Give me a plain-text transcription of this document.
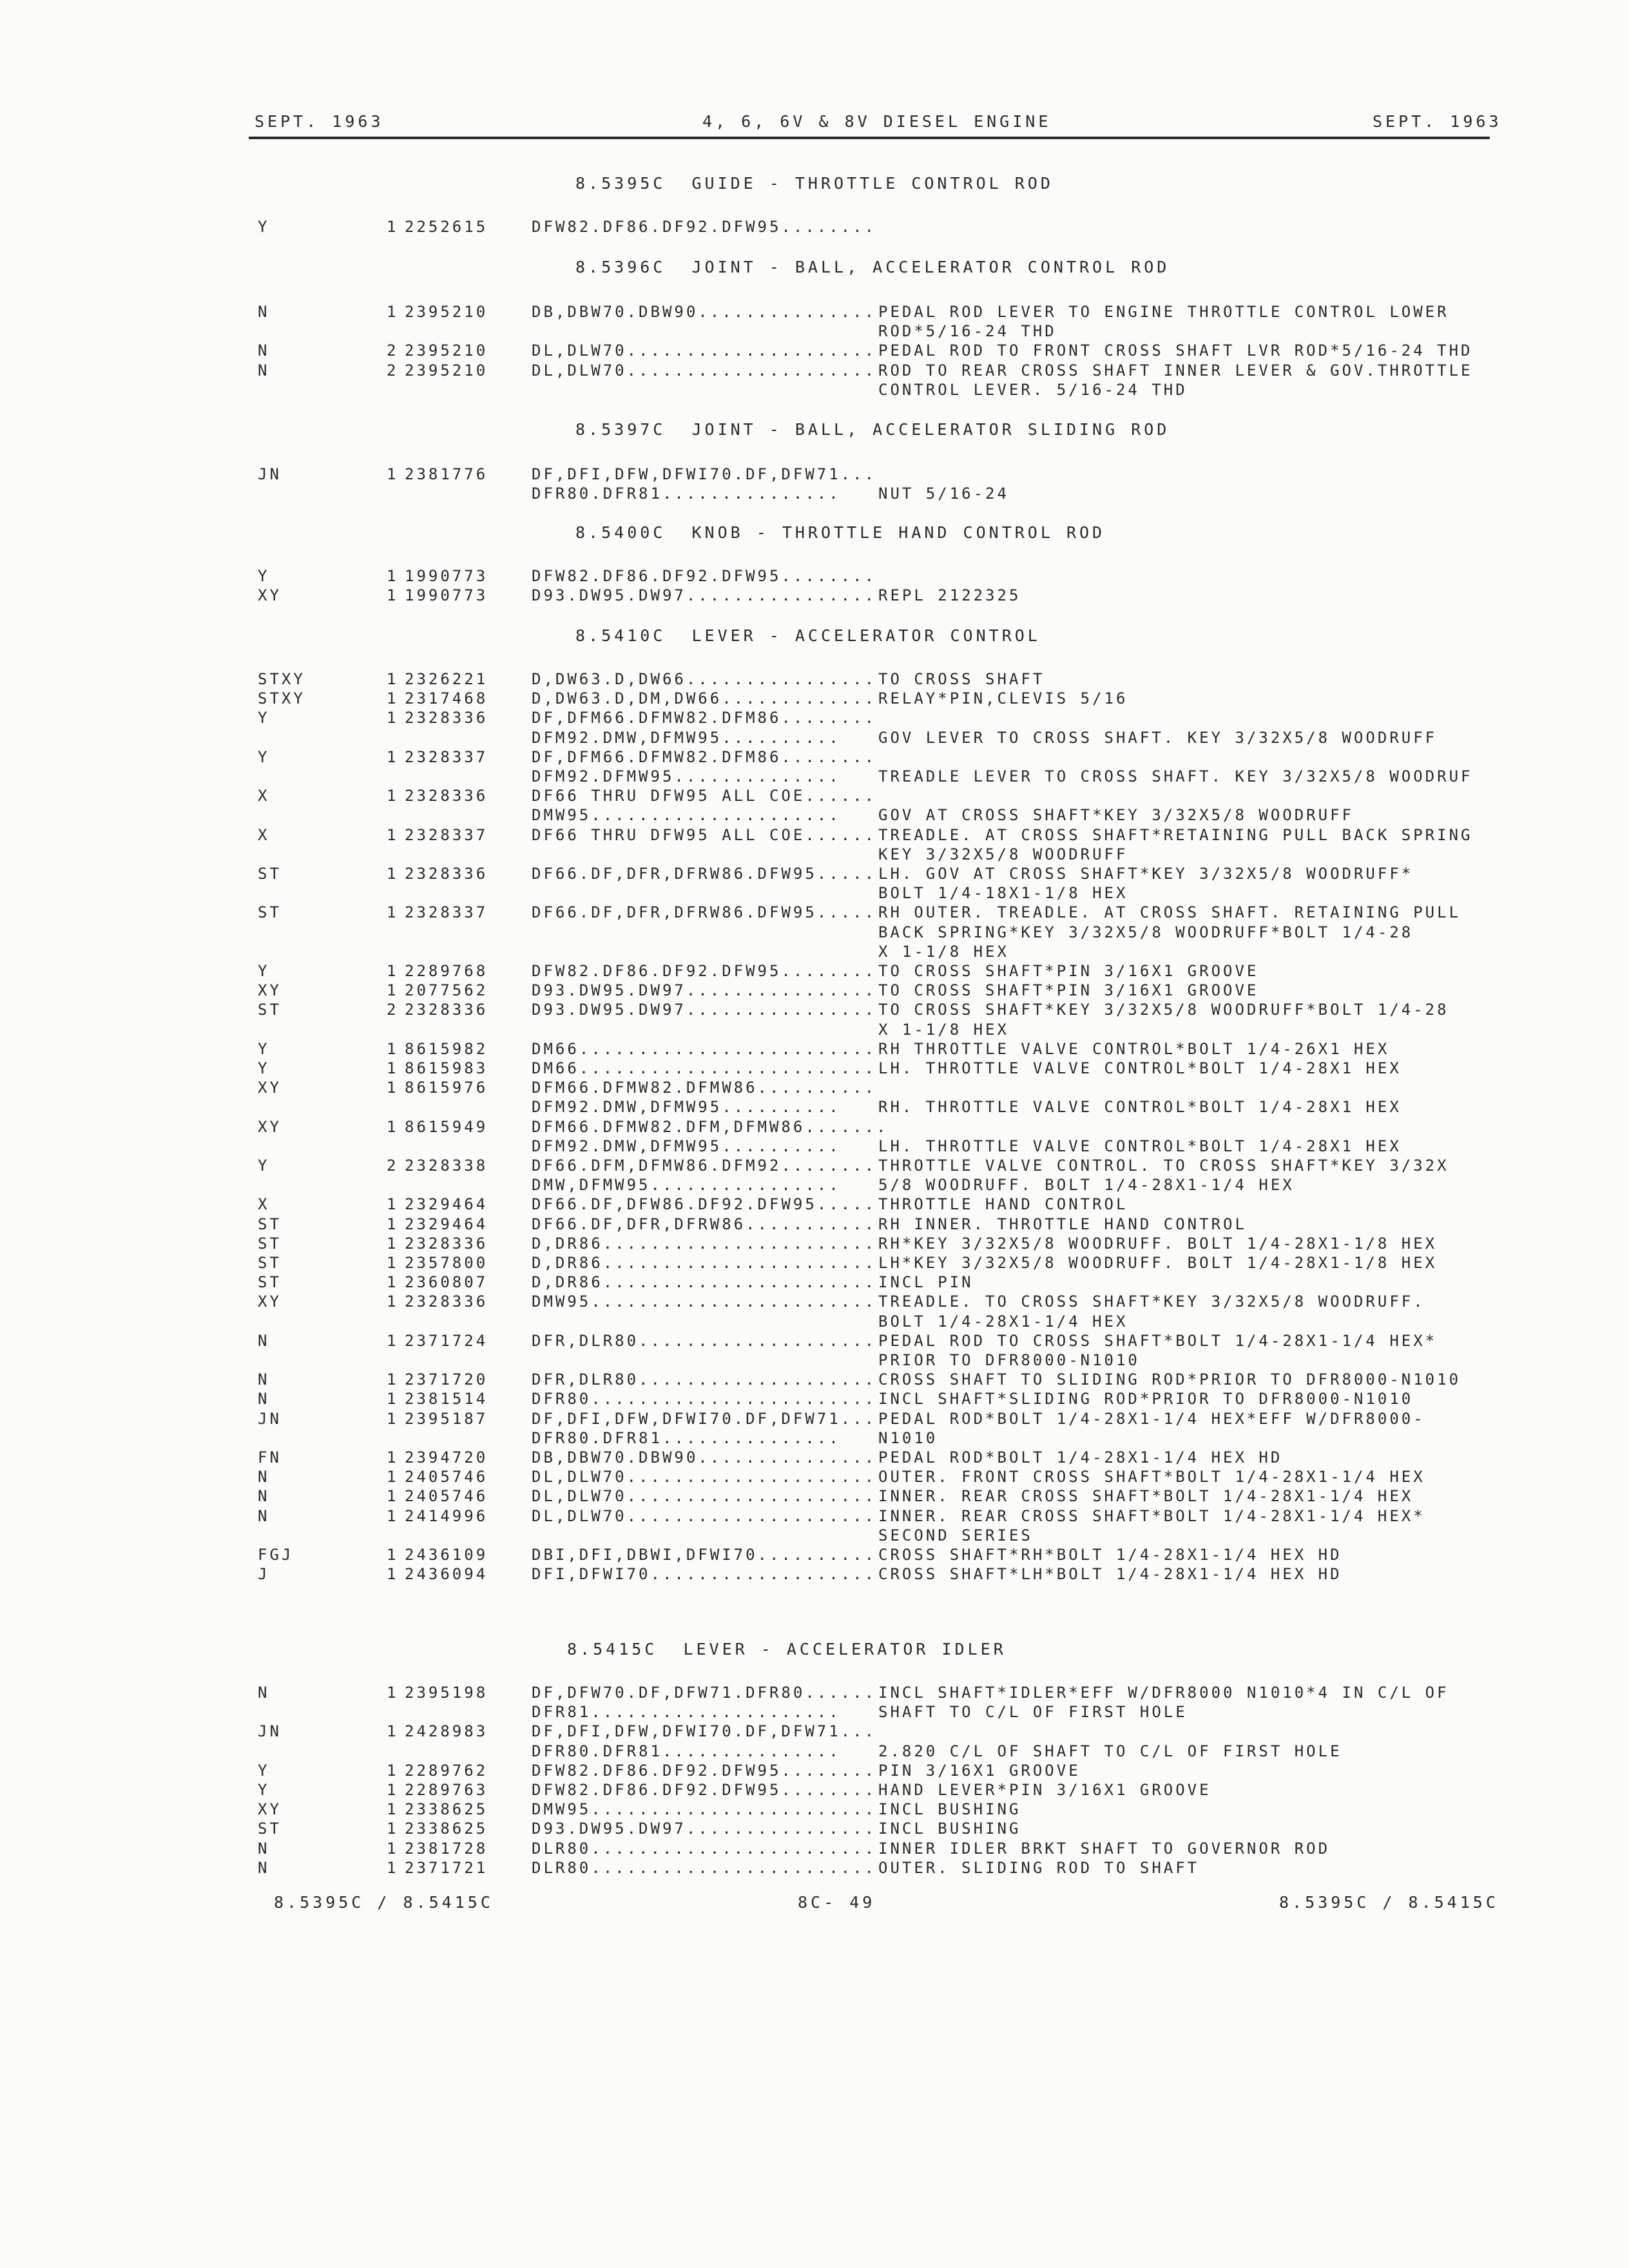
SEPT. 1963	4, 6, 6V & 8V DIESEL ENGINE	SEPT. 1963
8.5395C  GUIDE - THROTTLE CONTROL ROD
Y	1 2252615	DFW82.DF86.DF92.DFW95........
8.5396C  JOINT - BALL, ACCELERATOR CONTROL ROD
N	1 2395210	DB,DBW70.DBW90............... PEDAL ROD LEVER TO ENGINE THROTTLE CONTROL LOWER
ROD*5/16-24 THD
N	2 2395210	DL,DLW70..................... PEDAL ROD TO FRONT CROSS SHAFT LVR ROD*5/16-24 THD
N	2 2395210	DL,DLW70..................... ROD TO REAR CROSS SHAFT INNER LEVER & GOV.THROTTLE
CONTROL LEVER. 5/16-24 THD
8.5397C  JOINT - BALL, ACCELERATOR SLIDING ROD
JN	1 2381776	DF,DFI,DFW,DFWI70.DF,DFW71...
DFR80.DFR81............... NUT 5/16-24
8.5400C  KNOB - THROTTLE HAND CONTROL ROD
Y	1 1990773	DFW82.DF86.DF92.DFW95........
XY	1 1990773	D93.DW95.DW97................ REPL 2122325
8.5410C  LEVER - ACCELERATOR CONTROL
STXY	1 2326221	D,DW63.D,DW66................ TO CROSS SHAFT
STXY	1 2317468	D,DW63.D,DM,DW66............. RELAY*PIN,CLEVIS 5/16
Y	1 2328336	DF,DFM66.DFMW82.DFM86........
DFM92.DMW,DFMW95.......... GOV LEVER TO CROSS SHAFT. KEY 3/32X5/8 WOODRUFF
Y	1 2328337	DF,DFM66.DFMW82.DFM86........
DFM92.DFMW95.............. TREADLE LEVER TO CROSS SHAFT. KEY 3/32X5/8 WOODRUF
X	1 2328336	DF66 THRU DFW95 ALL COE......
DMW95..................... GOV AT CROSS SHAFT*KEY 3/32X5/8 WOODRUFF
X	1 2328337	DF66 THRU DFW95 ALL COE...... TREADLE. AT CROSS SHAFT*RETAINING PULL BACK SPRING
KEY 3/32X5/8 WOODRUFF
ST	1 2328336	DF66.DF,DFR,DFRW86.DFW95..... LH. GOV AT CROSS SHAFT*KEY 3/32X5/8 WOODRUFF*
BOLT 1/4-18X1-1/8 HEX
ST	1 2328337	DF66.DF,DFR,DFRW86.DFW95..... RH OUTER. TREADLE. AT CROSS SHAFT. RETAINING PULL
BACK SPRING*KEY 3/32X5/8 WOODRUFF*BOLT 1/4-28
X 1-1/8 HEX
Y	1 2289768	DFW82.DF86.DF92.DFW95........ TO CROSS SHAFT*PIN 3/16X1 GROOVE
XY	1 2077562	D93.DW95.DW97................ TO CROSS SHAFT*PIN 3/16X1 GROOVE
ST	2 2328336	D93.DW95.DW97................ TO CROSS SHAFT*KEY 3/32X5/8 WOODRUFF*BOLT 1/4-28
X 1-1/8 HEX
Y	1 8615982	DM66......................... RH THROTTLE VALVE CONTROL*BOLT 1/4-26X1 HEX
Y	1 8615983	DM66......................... LH. THROTTLE VALVE CONTROL*BOLT 1/4-28X1 HEX
XY	1 8615976	DFM66.DFMW82.DFMW86..........
DFM92.DMW,DFMW95.......... RH. THROTTLE VALVE CONTROL*BOLT 1/4-28X1 HEX
XY	1 8615949	DFM66.DFMW82.DFM,DFMW86.......
DFM92.DMW,DFMW95.......... LH. THROTTLE VALVE CONTROL*BOLT 1/4-28X1 HEX
Y	2 2328338	DF66.DFM,DFMW86.DFM92........ THROTTLE VALVE CONTROL. TO CROSS SHAFT*KEY 3/32X
DMW,DFMW95................ 5/8 WOODRUFF. BOLT 1/4-28X1-1/4 HEX
X	1 2329464	DF66.DF,DFW86.DF92.DFW95..... THROTTLE HAND CONTROL
ST	1 2329464	DF66.DF,DFR,DFRW86........... RH INNER. THROTTLE HAND CONTROL
ST	1 2328336	D,DR86....................... RH*KEY 3/32X5/8 WOODRUFF. BOLT 1/4-28X1-1/8 HEX
ST	1 2357800	D,DR86....................... LH*KEY 3/32X5/8 WOODRUFF. BOLT 1/4-28X1-1/8 HEX
ST	1 2360807	D,DR86....................... INCL PIN
XY	1 2328336	DMW95........................ TREADLE. TO CROSS SHAFT*KEY 3/32X5/8 WOODRUFF.
BOLT 1/4-28X1-1/4 HEX
N	1 2371724	DFR,DLR80.................... PEDAL ROD TO CROSS SHAFT*BOLT 1/4-28X1-1/4 HEX*
PRIOR TO DFR8000-N1010
N	1 2371720	DFR,DLR80.................... CROSS SHAFT TO SLIDING ROD*PRIOR TO DFR8000-N1010
N	1 2381514	DFR80........................ INCL SHAFT*SLIDING ROD*PRIOR TO DFR8000-N1010
JN	1 2395187	DF,DFI,DFW,DFWI70.DF,DFW71... PEDAL ROD*BOLT 1/4-28X1-1/4 HEX*EFF W/DFR8000-
DFR80.DFR81............... N1010
FN	1 2394720	DB,DBW70.DBW90............... PEDAL ROD*BOLT 1/4-28X1-1/4 HEX HD
N	1 2405746	DL,DLW70..................... OUTER. FRONT CROSS SHAFT*BOLT 1/4-28X1-1/4 HEX
N	1 2405746	DL,DLW70..................... INNER. REAR CROSS SHAFT*BOLT 1/4-28X1-1/4 HEX
N	1 2414996	DL,DLW70..................... INNER. REAR CROSS SHAFT*BOLT 1/4-28X1-1/4 HEX*
SECOND SERIES
FGJ	1 2436109	DBI,DFI,DBWI,DFWI70.......... CROSS SHAFT*RH*BOLT 1/4-28X1-1/4 HEX HD
J	1 2436094	DFI,DFWI70................... CROSS SHAFT*LH*BOLT 1/4-28X1-1/4 HEX HD
8.5415C  LEVER - ACCELERATOR IDLER
N	1 2395198	DF,DFW70.DF,DFW71.DFR80...... INCL SHAFT*IDLER*EFF W/DFR8000 N1010*4 IN C/L OF
DFR81..................... SHAFT TO C/L OF FIRST HOLE
JN	1 2428983	DF,DFI,DFW,DFWI70.DF,DFW71...
DFR80.DFR81............... 2.820 C/L OF SHAFT TO C/L OF FIRST HOLE
Y	1 2289762	DFW82.DF86.DF92.DFW95........ PIN 3/16X1 GROOVE
Y	1 2289763	DFW82.DF86.DF92.DFW95........ HAND LEVER*PIN 3/16X1 GROOVE
XY	1 2338625	DMW95........................ INCL BUSHING
ST	1 2338625	D93.DW95.DW97................ INCL BUSHING
N	1 2381728	DLR80........................ INNER IDLER BRKT SHAFT TO GOVERNOR ROD
N	1 2371721	DLR80........................ OUTER. SLIDING ROD TO SHAFT
8.5395C / 8.5415C	8C- 49	8.5395C / 8.5415C
